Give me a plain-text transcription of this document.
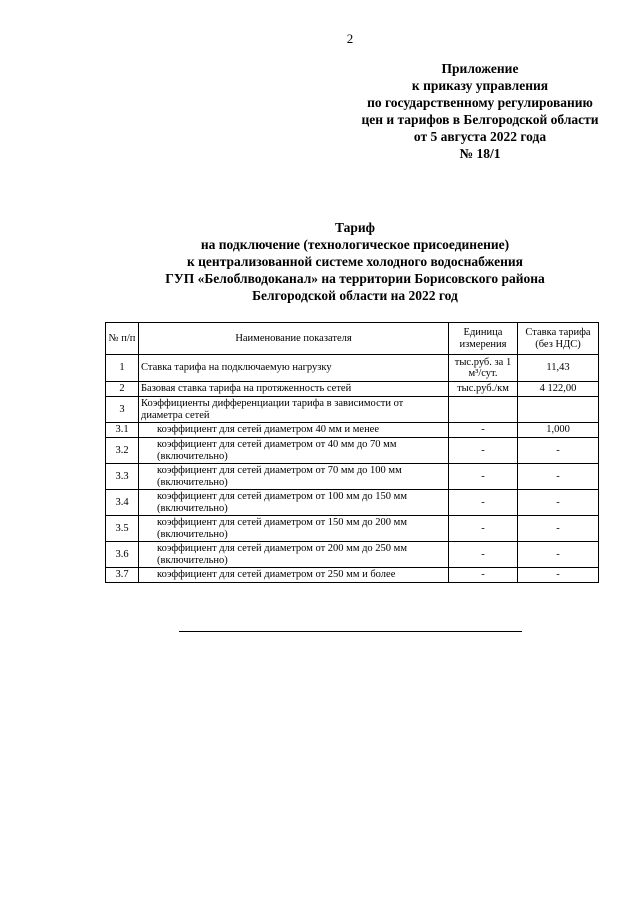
2
Приложение
к приказу управления
по государственному регулированию
цен и тарифов в Белгородской области
от 5 августа 2022 года
№ 18/1
Тариф
на подключение (технологическое присоединение)
к централизованной системе холодного водоснабжения
ГУП «Белоблводоканал» на территории Борисовского района
Белгородской области на 2022 год
№ п/п	Наименование показателя	Единица измерения	Ставка тарифа (без НДС)
1	Ставка тарифа на подключаемую нагрузку	тыс.руб. за 1 м³/сут.	11,43
2	Базовая ставка тарифа на протяженность сетей	тыс.руб./км	4 122,00
3	Коэффициенты дифференциации тарифа в зависимости от диаметра сетей		
3.1	коэффициент для сетей диаметром 40 мм и менее	-	1,000
3.2	коэффициент для сетей диаметром от 40 мм до 70 мм (включительно)	-	-
3.3	коэффициент для сетей диаметром от 70 мм до 100 мм (включительно)	-	-
3.4	коэффициент для сетей диаметром от 100 мм до 150 мм (включительно)	-	-
3.5	коэффициент для сетей диаметром от 150 мм до 200 мм (включительно)	-	-
3.6	коэффициент для сетей диаметром от 200 мм до 250 мм (включительно)	-	-
3.7	коэффициент для сетей диаметром от 250 мм и более	-	-
